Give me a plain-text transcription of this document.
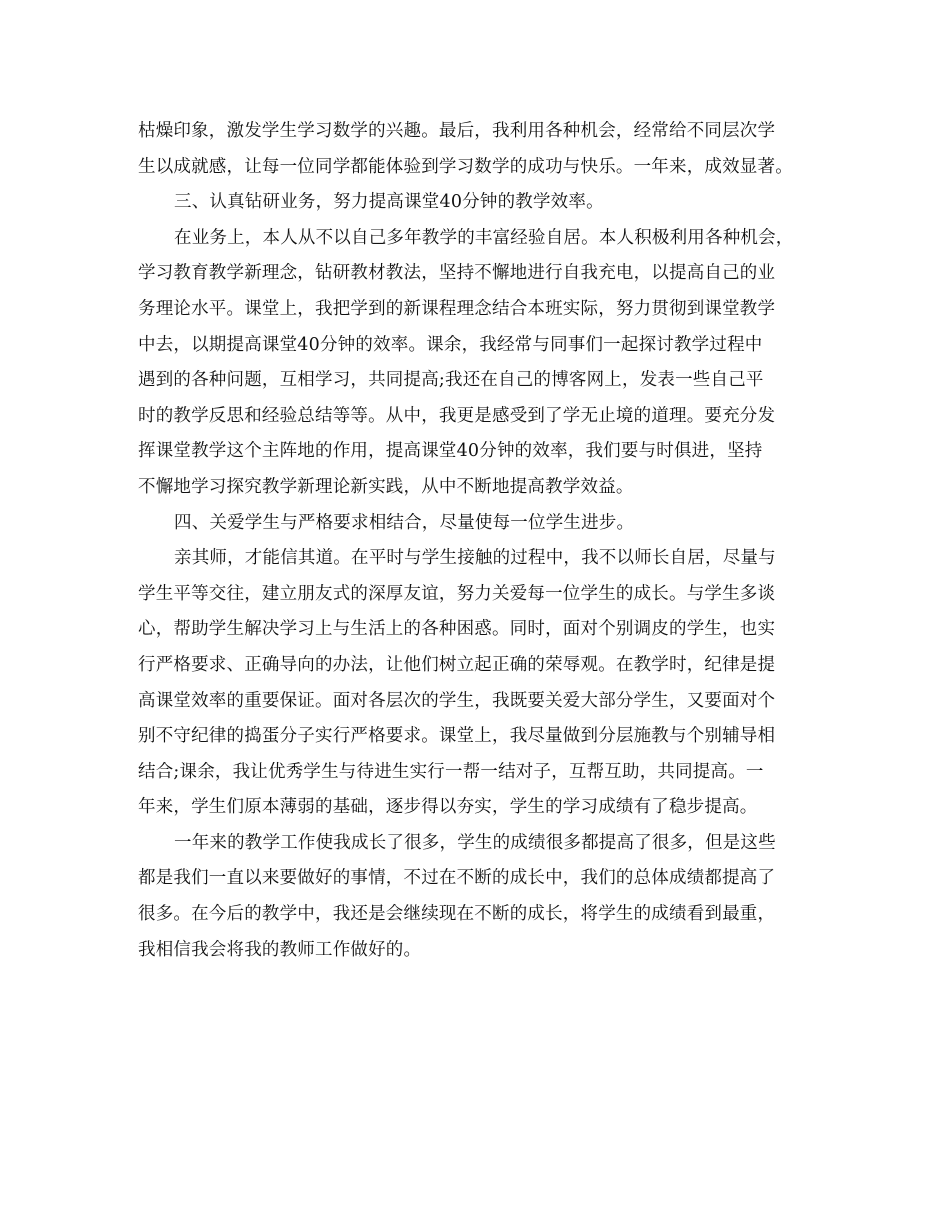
枯燥印象，激发学生学习数学的兴趣。最后，我利用各种机会，经常给不同层次学
生以成就感，让每一位同学都能体验到学习数学的成功与快乐。一年来，成效显著。
三、认真钻研业务，努力提高课堂40分钟的教学效率。
在业务上，本人从不以自己多年教学的丰富经验自居。本人积极利用各种机会，
学习教育教学新理念，钻研教材教法，坚持不懈地进行自我充电，以提高自己的业
务理论水平。课堂上，我把学到的新课程理念结合本班实际，努力贯彻到课堂教学
中去，以期提高课堂40分钟的效率。课余，我经常与同事们一起探讨教学过程中
遇到的各种问题，互相学习，共同提高;我还在自己的博客网上，发表一些自己平
时的教学反思和经验总结等等。从中，我更是感受到了学无止境的道理。要充分发
挥课堂教学这个主阵地的作用，提高课堂40分钟的效率，我们要与时俱进，坚持
不懈地学习探究教学新理论新实践，从中不断地提高教学效益。
四、关爱学生与严格要求相结合，尽量使每一位学生进步。
亲其师，才能信其道。在平时与学生接触的过程中，我不以师长自居，尽量与
学生平等交往，建立朋友式的深厚友谊，努力关爱每一位学生的成长。与学生多谈
心，帮助学生解决学习上与生活上的各种困惑。同时，面对个别调皮的学生，也实
行严格要求、正确导向的办法，让他们树立起正确的荣辱观。在教学时，纪律是提
高课堂效率的重要保证。面对各层次的学生，我既要关爱大部分学生，又要面对个
别不守纪律的捣蛋分子实行严格要求。课堂上，我尽量做到分层施教与个别辅导相
结合;课余，我让优秀学生与待进生实行一帮一结对子，互帮互助，共同提高。一
年来，学生们原本薄弱的基础，逐步得以夯实，学生的学习成绩有了稳步提高。
一年来的教学工作使我成长了很多，学生的成绩很多都提高了很多，但是这些
都是我们一直以来要做好的事情，不过在不断的成长中，我们的总体成绩都提高了
很多。在今后的教学中，我还是会继续现在不断的成长，将学生的成绩看到最重，
我相信我会将我的教师工作做好的。
